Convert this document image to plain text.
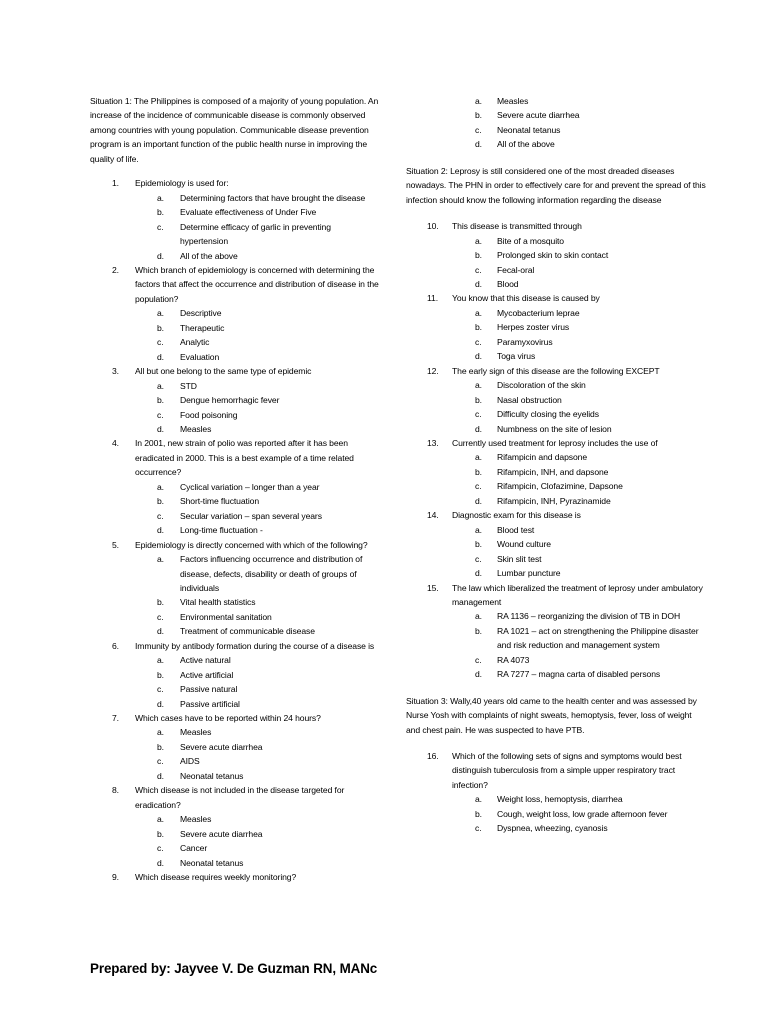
Situation 1: The Philippines is composed of a majority of young population. An increase of the incidence of communicable disease is commonly observed among countries with young population. Communicable disease prevention program is an important function of the public health nurse in improving the quality of life.

1. Epidemiology is used for:
a. Determining factors that have brought the disease
b. Evaluate effectiveness of Under Five
c. Determine efficacy of garlic in preventing hypertension
d. All of the above
2. Which branch of epidemiology is concerned with determining the factors that affect the occurrence and distribution of disease in the population?
a. Descriptive
b. Therapeutic
c. Analytic
d. Evaluation
3. All but one belong to the same type of epidemic
a. STD
b. Dengue hemorrhagic fever
c. Food poisoning
d. Measles
4. In 2001, new strain of polio was reported after it has been eradicated in 2000. This is a best example of a time related occurrence?
a. Cyclical variation – longer than a year
b. Short-time fluctuation
c. Secular variation – span several years
d. Long-time fluctuation -
5. Epidemiology is directly concerned with which of the following?
a. Factors influencing occurrence and distribution of disease, defects, disability or death of groups of individuals
b. Vital health statistics
c. Environmental sanitation
d. Treatment of communicable disease
6. Immunity by antibody formation during the course of a disease is
a. Active natural
b. Active artificial
c. Passive natural
d. Passive artificial
7. Which cases have to be reported within 24 hours?
a. Measles
b. Severe acute diarrhea
c. AIDS
d. Neonatal tetanus
8. Which disease is not included in the disease targeted for eradication?
a. Measles
b. Severe acute diarrhea
c. Cancer
d. Neonatal tetanus
9. Which disease requires weekly monitoring?
a. Measles
b. Severe acute diarrhea
c. Neonatal tetanus
d. All of the above

Situation 2: Leprosy is still considered one of the most dreaded diseases nowadays. The PHN in order to effectively care for and prevent the spread of this infection should know the following information regarding the disease

10. This disease is transmitted through
a. Bite of a mosquito
b. Prolonged skin to skin contact
c. Fecal-oral
d. Blood
11. You know that this disease is caused by
a. Mycobacterium leprae
b. Herpes zoster virus
c. Paramyxovirus
d. Toga virus
12. The early sign of this disease are the following EXCEPT
a. Discoloration of the skin
b. Nasal obstruction
c. Difficulty closing the eyelids
d. Numbness on the site of lesion
13. Currently used treatment for leprosy includes the use of
a. Rifampicin and dapsone
b. Rifampicin, INH, and dapsone
c. Rifampicin, Clofazimine, Dapsone
d. Rifampicin, INH, Pyrazinamide
14. Diagnostic exam for this disease is
a. Blood test
b. Wound culture
c. Skin slit test
d. Lumbar puncture
15. The law which liberalized the treatment of leprosy under ambulatory management
a. RA 1136 – reorganizing the division of TB in DOH
b. RA 1021 – act on strengthening the Philippine disaster and risk reduction and management system
c. RA 4073
d. RA 7277 – magna carta of disabled persons

Situation 3: Wally,40 years old came to the health center and was assessed by Nurse Yosh with complaints of night sweats, hemoptysis, fever, loss of weight and chest pain. He was suspected to have PTB.

16. Which of the following sets of signs and symptoms would best distinguish tuberculosis from a simple upper respiratory tract infection?
a. Weight loss, hemoptysis, diarrhea
b. Cough, weight loss, low grade afternoon fever
c. Dyspnea, wheezing, cyanosis
Prepared by: Jayvee V. De Guzman RN, MANc
